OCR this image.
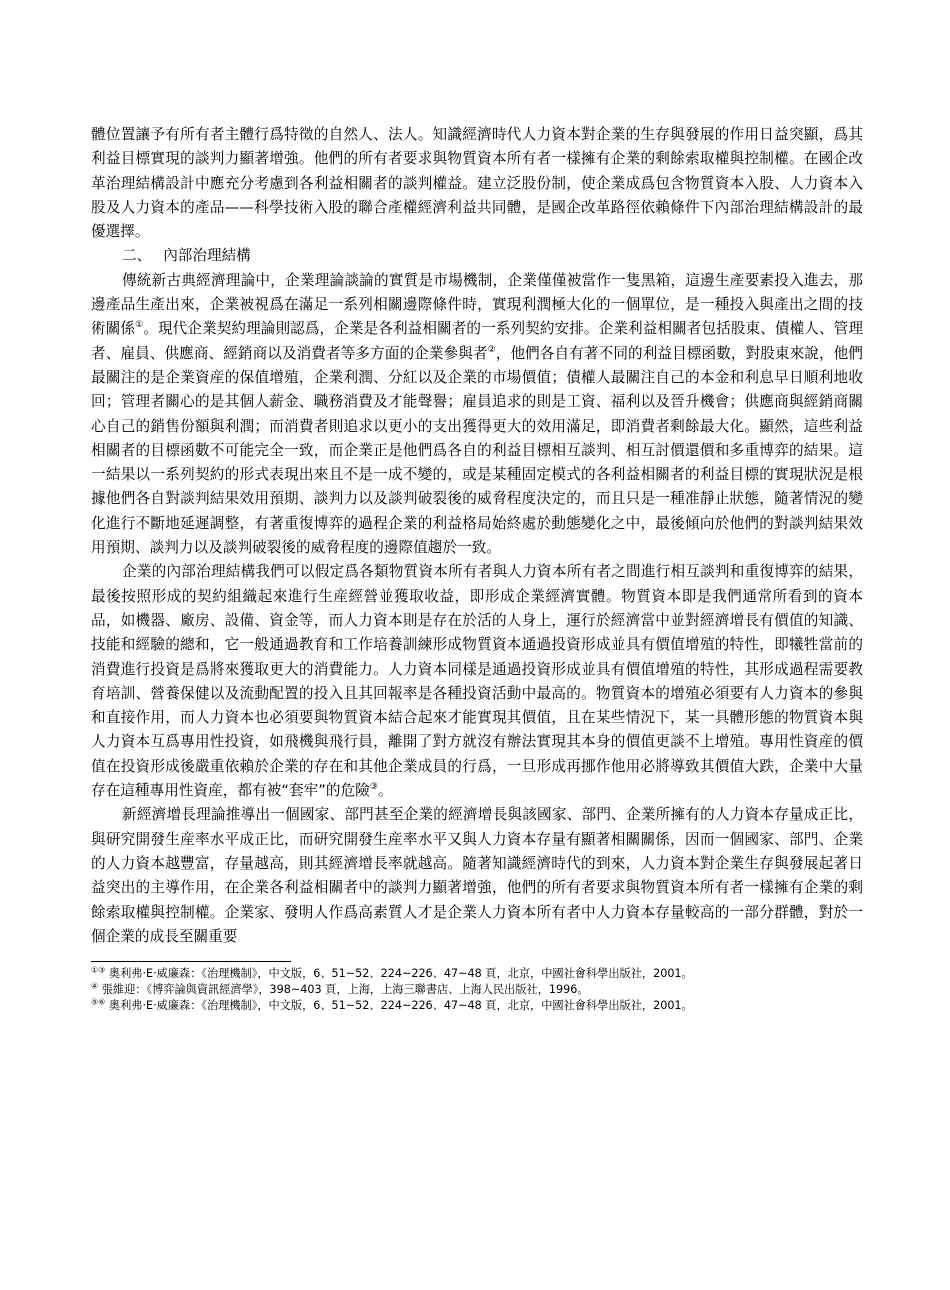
體位置讓予有所有者主體行爲特徵的自然人、法人。知識經濟時代人力資本對企業的生存與發展的作用日益突顯，爲其利益目標實現的談判力顯著增強。他們的所有者要求與物質資本所有者一樣擁有企業的剩餘索取權與控制權。在國企改革治理結構設計中應充分考慮到各利益相關者的談判權益。建立泛股份制，使企業成爲包含物質資本入股、人力資本入股及人力資本的產品——科學技術入股的聯合產權經濟利益共同體，是國企改革路徑依賴條件下內部治理結構設計的最優選擇。

二、 內部治理結構

傳統新古典經濟理論中，企業理論談論的實質是市場機制，企業僅僅被當作一隻黑箱，這邊生產要素投入進去，那邊產品生產出來，企業被視爲在滿足一系列相關邊際條件時，實現利潤極大化的一個單位，是一種投入與產出之間的技術關係①。現代企業契約理論則認爲，企業是各利益相關者的一系列契約安排。企業利益相關者包括股東、債權人、管理者、雇員、供應商、經銷商以及消費者等多方面的企業參與者②，他們各自有著不同的利益目標函數，對股東來說，他們最關注的是企業資産的保值增殖，企業利潤、分紅以及企業的市場價值；債權人最關注自己的本金和利息早日順利地收回；管理者關心的是其個人薪金、職務消費及才能聲譽；雇員追求的則是工資、福利以及晉升機會；供應商與經銷商關心自己的銷售份額與利潤；而消費者則追求以更小的支出獲得更大的效用滿足，即消費者剩餘最大化。顯然，這些利益相關者的目標函數不可能完全一致，而企業正是他們爲各自的利益目標相互談判、相互討價還價和多重博弈的結果。這一結果以一系列契約的形式表現出來且不是一成不變的，或是某種固定模式的各利益相關者的利益目標的實現狀況是根據他們各自對談判結果效用預期、談判力以及談判破裂後的威脅程度決定的，而且只是一種准靜止狀態，隨著情況的變化進行不斷地延遲調整，有著重復博弈的過程企業的利益格局始終處於動態變化之中，最後傾向於他們的對談判結果效用預期、談判力以及談判破裂後的威脅程度的邊際值趨於一致。

企業的內部治理結構我們可以假定爲各類物質資本所有者與人力資本所有者之間進行相互談判和重復博弈的結果，最後按照形成的契約組織起來進行生産經營並獲取收益，即形成企業經濟實體。物質資本即是我們通常所看到的資本品，如機器、廠房、設備、資金等，而人力資本則是存在於活的人身上，運行於經濟當中並對經濟增長有價值的知識、技能和經驗的總和，它一般通過教育和工作培養訓練形成物質資本通過投資形成並具有價值增殖的特性，即犧牲當前的消費進行投資是爲將來獲取更大的消費能力。人力資本同樣是通過投資形成並具有價值增殖的特性，其形成過程需要教育培訓、營養保健以及流動配置的投入且其回報率是各種投資活動中最高的。物質資本的增殖必須要有人力資本的參與和直接作用，而人力資本也必須要與物質資本結合起來才能實現其價值，且在某些情況下，某一具體形態的物質資本與人力資本互爲專用性投資，如飛機與飛行員，離開了對方就沒有辦法實現其本身的價值更談不上增殖。專用性資産的價值在投資形成後嚴重依賴於企業的存在和其他企業成員的行爲，一旦形成再挪作他用必將導致其價值大跌，企業中大量存在這種專用性資産，都有被“套牢”的危險③。

新經濟增長理論推導出一個國家、部門甚至企業的經濟增長與該國家、部門、企業所擁有的人力資本存量成正比，與研究開發生産率水平成正比，而研究開發生産率水平又與人力資本存量有顯著相關關係，因而一個國家、部門、企業的人力資本越豐富，存量越高，則其經濟增長率就越高。隨著知識經濟時代的到來，人力資本對企業生存與發展起著日益突出的主導作用，在企業各利益相關者中的談判力顯著增強，他們的所有者要求與物質資本所有者一樣擁有企業的剩餘索取權與控制權。企業家、發明人作爲高素質人才是企業人力資本所有者中人力資本存量較高的一部分群體，對於一個企業的成長至關重要

①③ 奧利弗·E·威廉森：《治理機制》，中文版，6、51~52、224~226、47~48 頁，北京，中國社會科學出版社，2001。

④ 張維迎：《博弈論與資訊經濟學》，398~403 頁，上海，上海三聯書店、上海人民出版社，1996。

⑤⑥ 奧利弗·E·威廉森：《治理機制》，中文版，6、51~52、224~226、47~48 頁，北京，中國社會科學出版社，2001。
